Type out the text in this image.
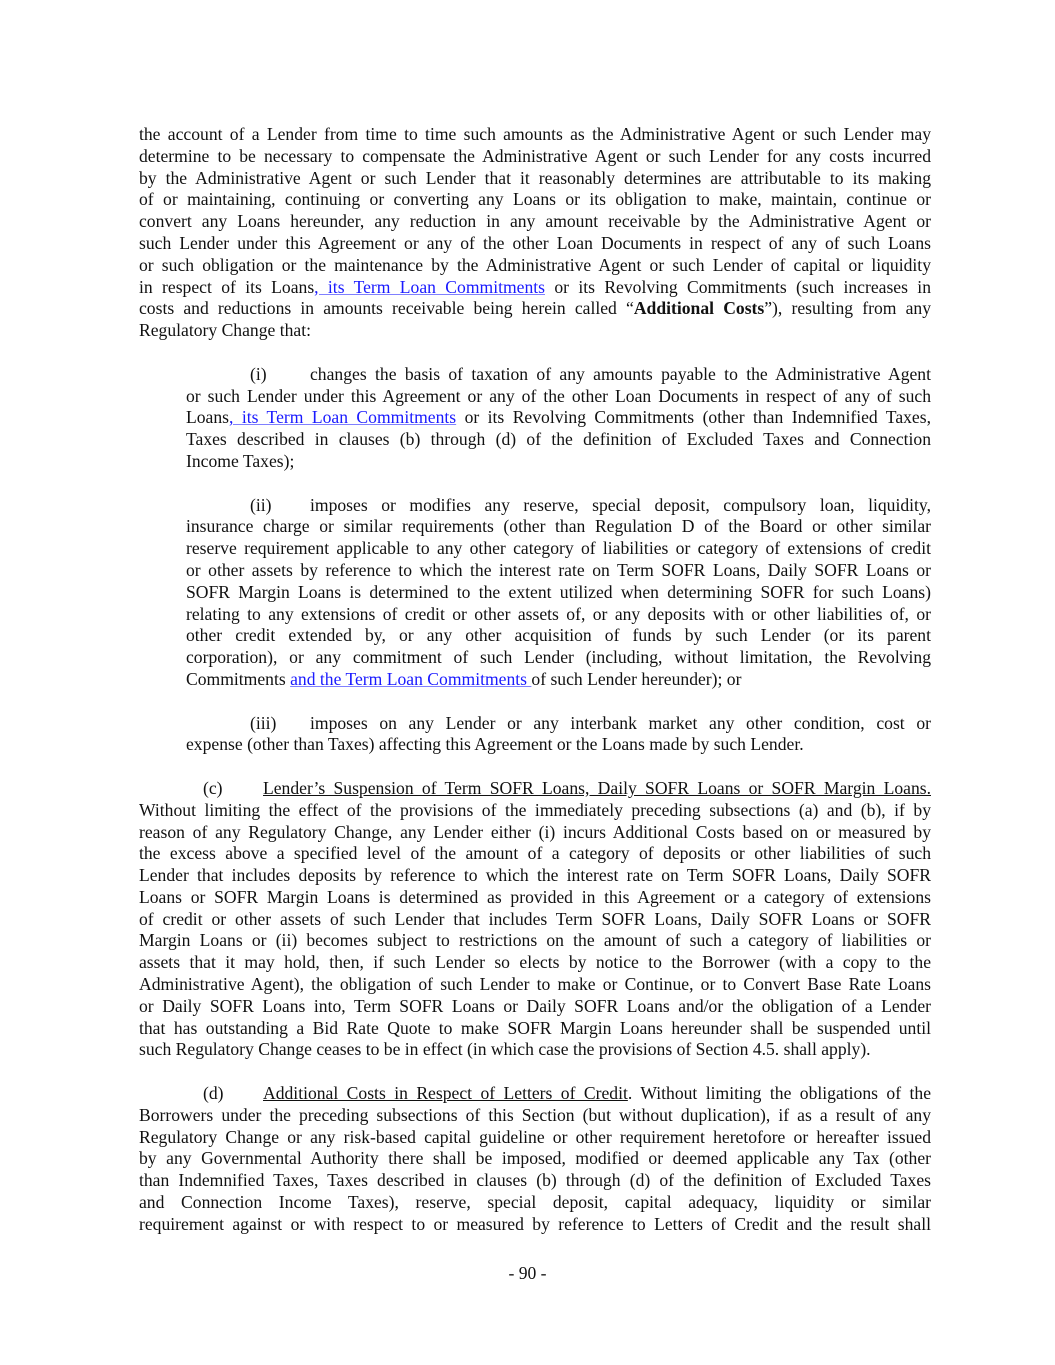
the account of a Lender from time to time such amounts as the Administrative Agent or such Lender may
determine to be necessary to compensate the Administrative Agent or such Lender for any costs incurred
by the Administrative Agent or such Lender that it reasonably determines are attributable to its making
of or maintaining, continuing or converting any Loans or its obligation to make, maintain, continue or
convert any Loans hereunder, any reduction in any amount receivable by the Administrative Agent or
such Lender under this Agreement or any of the other Loan Documents in respect of any of such Loans
or such obligation or the maintenance by the Administrative Agent or such Lender of capital or liquidity
in respect of its Loans, its Term Loan Commitments or its Revolving Commitments (such increases in
costs and reductions in amounts receivable being herein called “Additional Costs”), resulting from any
Regulatory Change that:
(i) changes the basis of taxation of any amounts payable to the Administrative Agent
or such Lender under this Agreement or any of the other Loan Documents in respect of any of such
Loans, its Term Loan Commitments or its Revolving Commitments (other than Indemnified Taxes,
Taxes described in clauses (b) through (d) of the definition of Excluded Taxes and Connection
Income Taxes);
(ii) imposes or modifies any reserve, special deposit, compulsory loan, liquidity,
insurance charge or similar requirements (other than Regulation D of the Board or other similar
reserve requirement applicable to any other category of liabilities or category of extensions of credit
or other assets by reference to which the interest rate on Term SOFR Loans, Daily SOFR Loans or
SOFR Margin Loans is determined to the extent utilized when determining SOFR for such Loans)
relating to any extensions of credit or other assets of, or any deposits with or other liabilities of, or
other credit extended by, or any other acquisition of funds by such Lender (or its parent
corporation), or any commitment of such Lender (including, without limitation, the Revolving
Commitments and the Term Loan Commitments of such Lender hereunder); or
(iii) imposes on any Lender or any interbank market any other condition, cost or
expense (other than Taxes) affecting this Agreement or the Loans made by such Lender.
(c) Lender’s Suspension of Term SOFR Loans, Daily SOFR Loans or SOFR Margin Loans.
Without limiting the effect of the provisions of the immediately preceding subsections (a) and (b), if by
reason of any Regulatory Change, any Lender either (i) incurs Additional Costs based on or measured by
the excess above a specified level of the amount of a category of deposits or other liabilities of such
Lender that includes deposits by reference to which the interest rate on Term SOFR Loans, Daily SOFR
Loans or SOFR Margin Loans is determined as provided in this Agreement or a category of extensions
of credit or other assets of such Lender that includes Term SOFR Loans, Daily SOFR Loans or SOFR
Margin Loans or (ii) becomes subject to restrictions on the amount of such a category of liabilities or
assets that it may hold, then, if such Lender so elects by notice to the Borrower (with a copy to the
Administrative Agent), the obligation of such Lender to make or Continue, or to Convert Base Rate Loans
or Daily SOFR Loans into, Term SOFR Loans or Daily SOFR Loans and/or the obligation of a Lender
that has outstanding a Bid Rate Quote to make SOFR Margin Loans hereunder shall be suspended until
such Regulatory Change ceases to be in effect (in which case the provisions of Section 4.5. shall apply).
(d) Additional Costs in Respect of Letters of Credit. Without limiting the obligations of the
Borrowers under the preceding subsections of this Section (but without duplication), if as a result of any
Regulatory Change or any risk-based capital guideline or other requirement heretofore or hereafter issued
by any Governmental Authority there shall be imposed, modified or deemed applicable any Tax (other
than Indemnified Taxes, Taxes described in clauses (b) through (d) of the definition of Excluded Taxes
and Connection Income Taxes), reserve, special deposit, capital adequacy, liquidity or similar
requirement against or with respect to or measured by reference to Letters of Credit and the result shall
- 90 -
